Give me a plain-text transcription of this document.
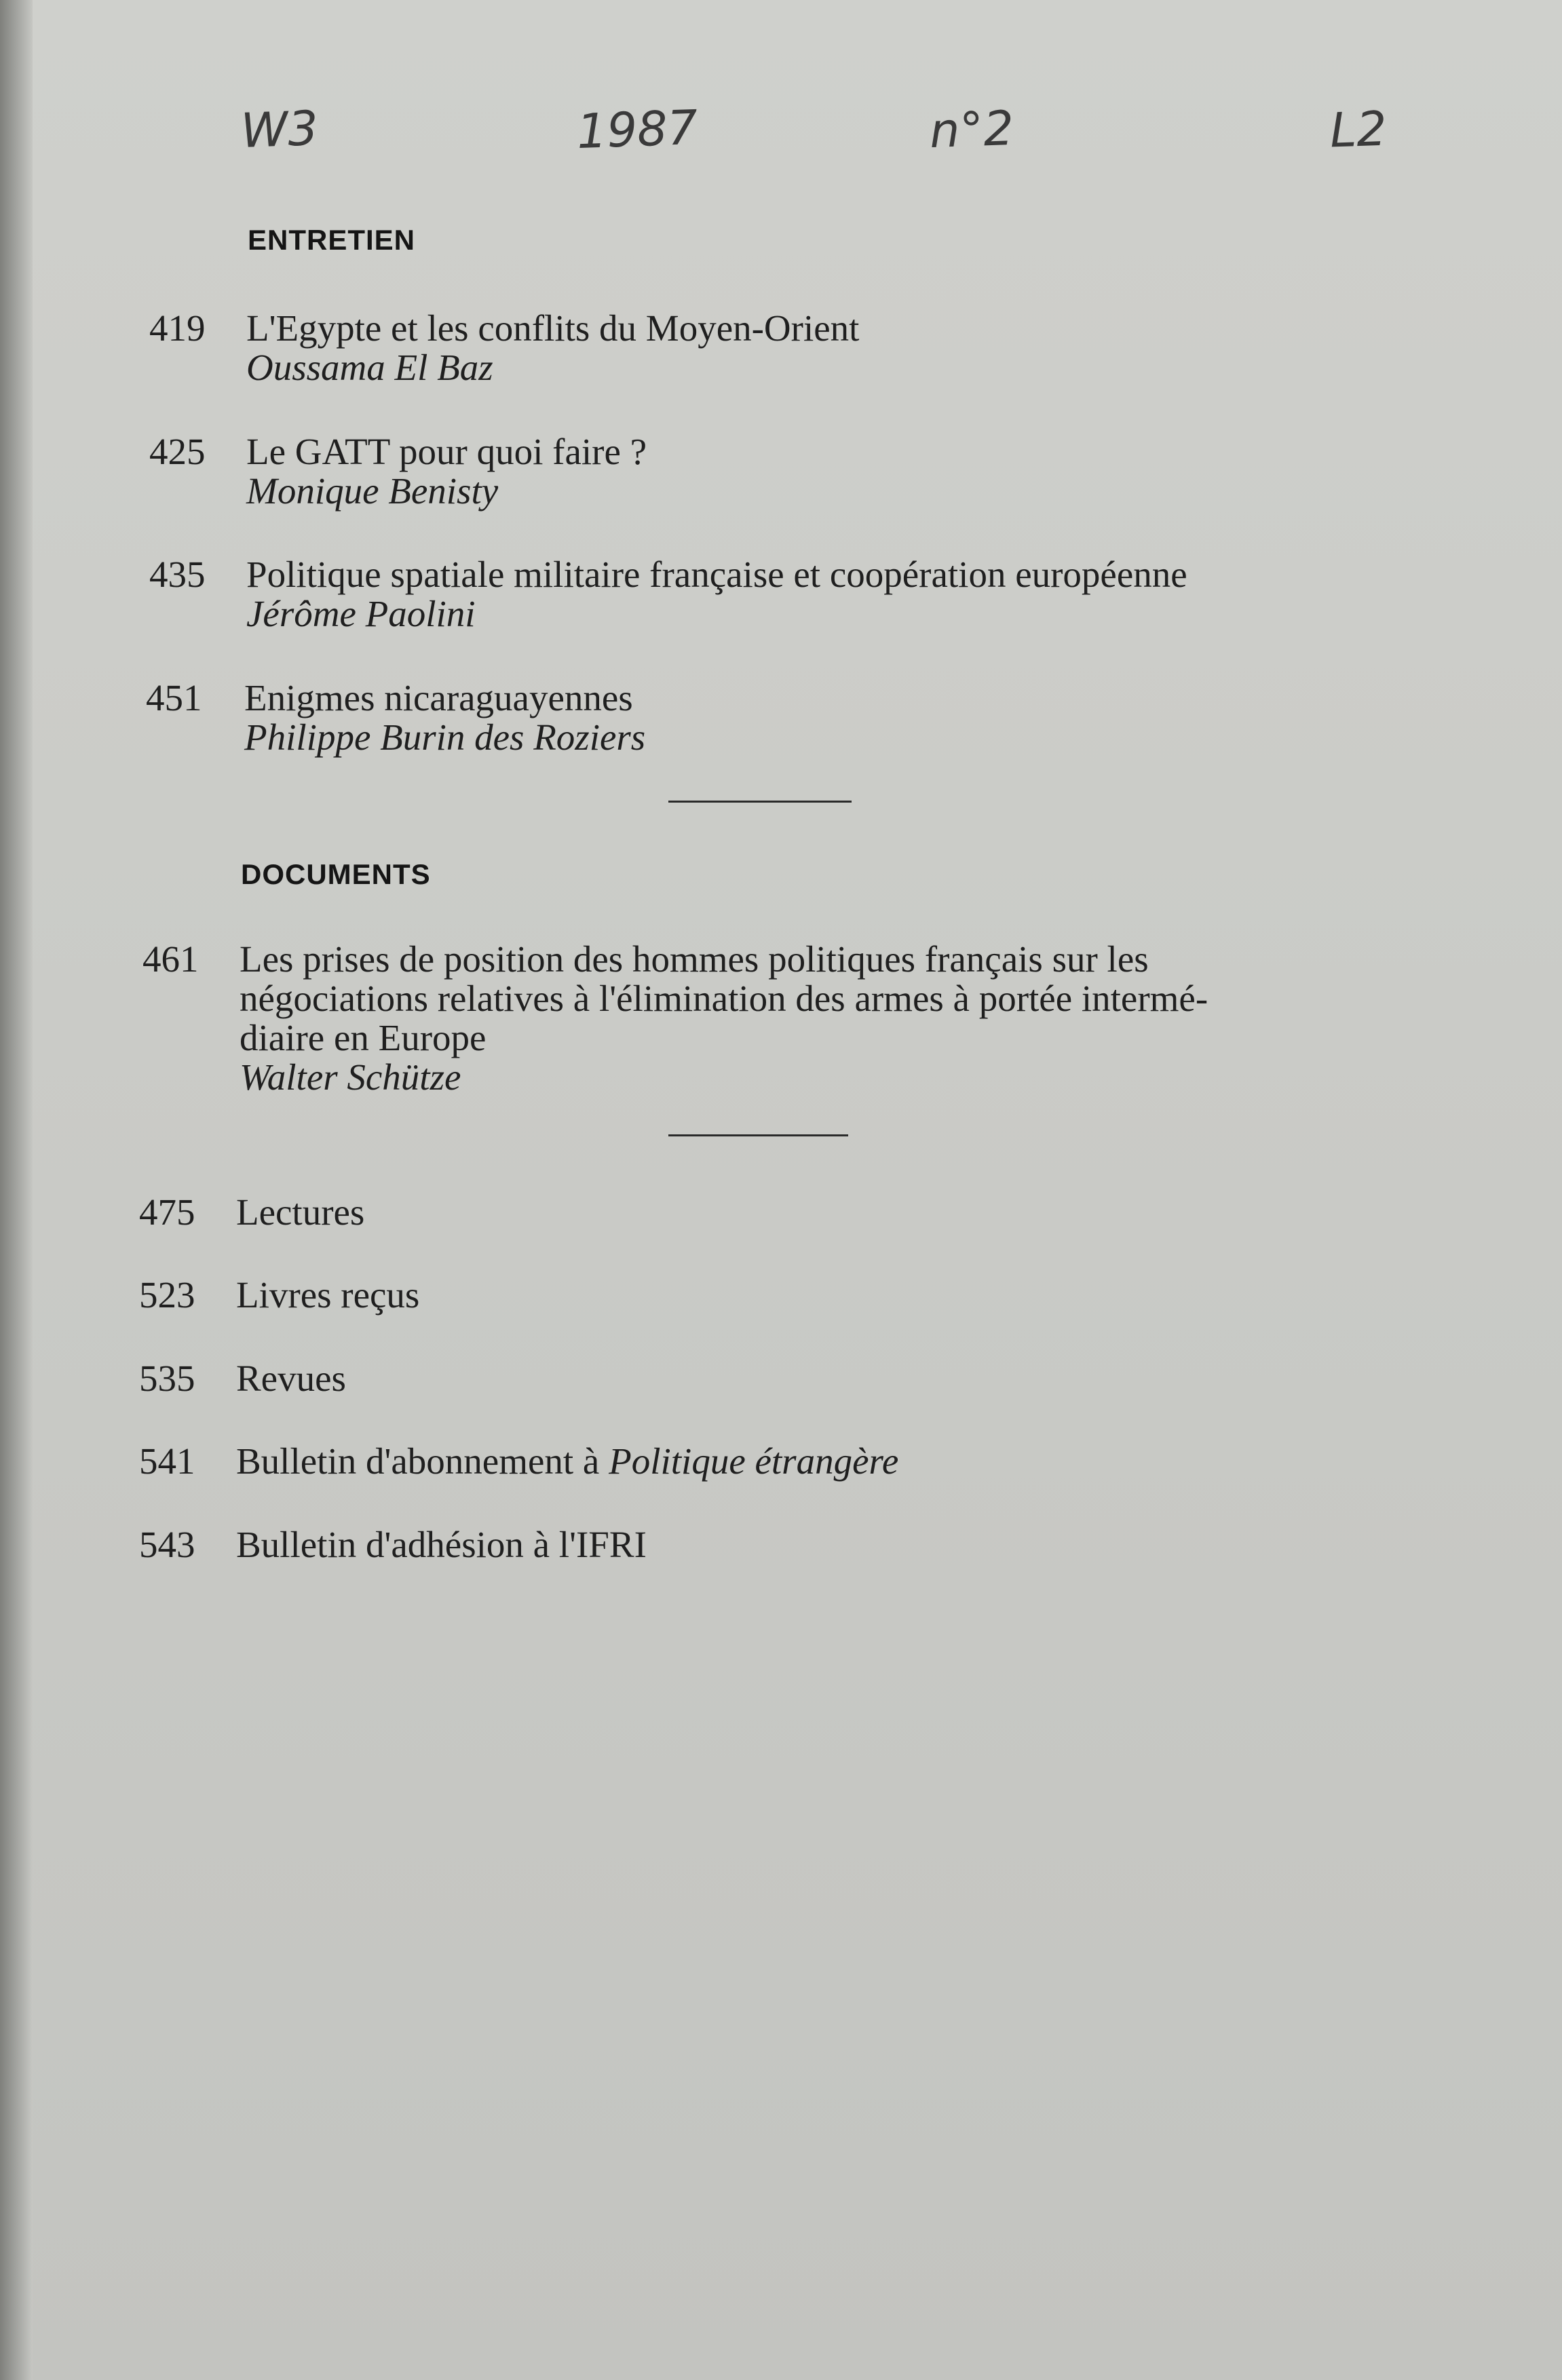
W3	1987	n°2	L2
ENTRETIEN
419 L'Egypte et les conflits du Moyen-Orient
Oussama El Baz
425 Le GATT pour quoi faire ?
Monique Benisty
435 Politique spatiale militaire française et coopération européenne
Jérôme Paolini
451 Enigmes nicaraguayennes
Philippe Burin des Roziers
DOCUMENTS
461 Les prises de position des hommes politiques français sur les
négociations relatives à l'élimination des armes à portée intermé-
diaire en Europe
Walter Schütze
475 Lectures
523 Livres reçus
535 Revues
541 Bulletin d'abonnement à Politique étrangère
543 Bulletin d'adhésion à l'IFRI
